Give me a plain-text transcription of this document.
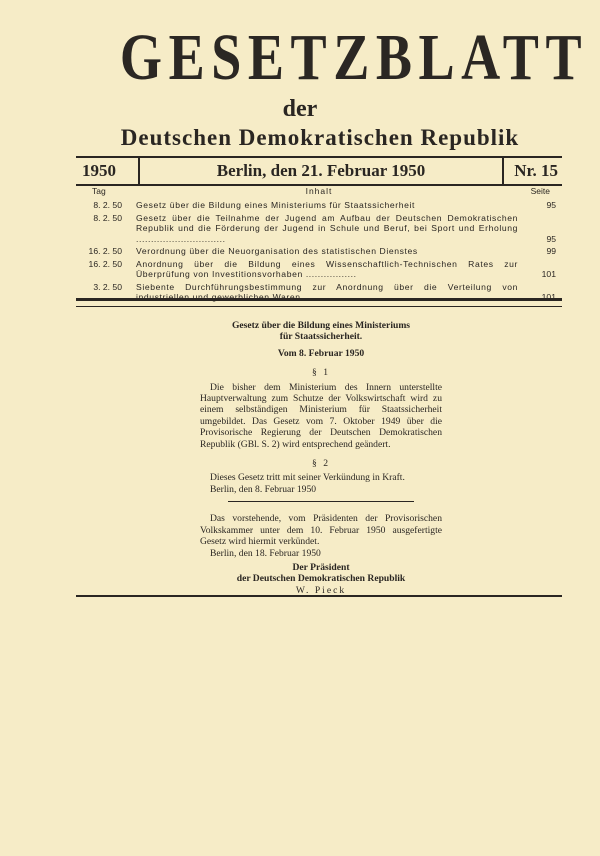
GESETZBLATT
der
Deutschen Demokratischen Republik
1950	Berlin, den 21. Februar 1950	Nr. 15
Tag	Inhalt	Seite
8. 2. 50	Gesetz über die Bildung eines Ministeriums für Staatssicherheit	95
8. 2. 50	Gesetz über die Teilnahme der Jugend am Aufbau der Deutschen Demokratischen Republik und die Förderung der Jugend in Schule und Beruf, bei Sport und Erholung ..............................	95
16. 2. 50	Verordnung über die Neuorganisation des statistischen Dienstes	99
16. 2. 50	Anordnung über die Bildung eines Wissenschaftlich-Technischen Rates zur Überprüfung von Investitionsvorhaben .................	101
3. 2. 50	Siebente Durchführungsbestimmung zur Anordnung über die Verteilung von industriellen und gewerblichen Waren ..................	101
Gesetz über die Bildung eines Ministeriums
für Staatssicherheit.
Vom 8. Februar 1950
§ 1
Die bisher dem Ministerium des Innern unterstellte Hauptverwaltung zum Schutze der Volkswirtschaft wird zu einem selbständigen Ministerium für Staatssicherheit umgebildet. Das Gesetz vom 7. Oktober 1949 über die Provisorische Regierung der Deutschen Demokratischen Republik (GBl. S. 2) wird entsprechend geändert.
§ 2
Dieses Gesetz tritt mit seiner Verkündung in Kraft.
Berlin, den 8. Februar 1950
Das vorstehende, vom Präsidenten der Provisorischen Volkskammer unter dem 10. Februar 1950 ausgefertigte Gesetz wird hiermit verkündet.
Berlin, den 18. Februar 1950
Der Präsident
der Deutschen Demokratischen Republik
W. Pieck
